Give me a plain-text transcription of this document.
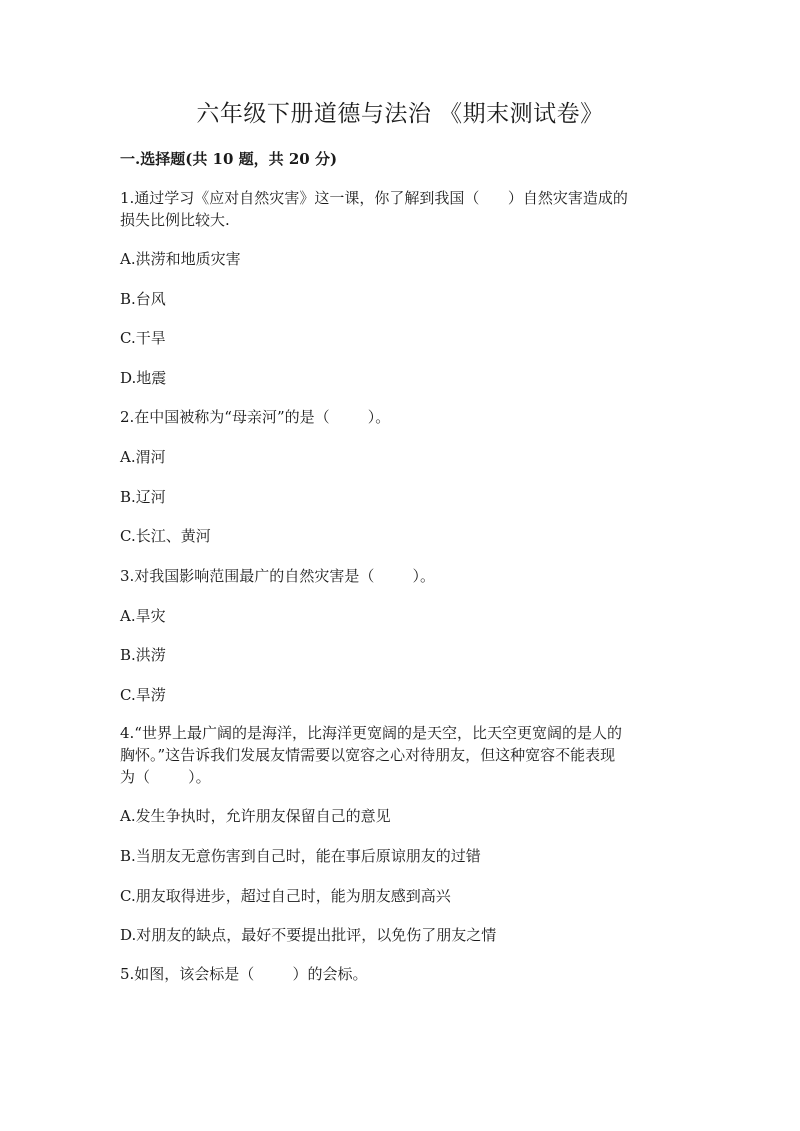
六年级下册道德与法治 《期末测试卷》
一.选择题(共 10 题，共 20 分)
1.通过学习《应对自然灾害》这一课，你了解到我国（      ）自然灾害造成的
损失比例比较大.
A.洪涝和地质灾害
B.台风
C.干旱
D.地震
2.在中国被称为“母亲河”的是（        ）。
A.渭河
B.辽河
C.长江、黄河
3.对我国影响范围最广的自然灾害是（        ）。
A.旱灾
B.洪涝
C.旱涝
4.“世界上最广阔的是海洋，比海洋更宽阔的是天空，比天空更宽阔的是人的
胸怀。”这告诉我们发展友情需要以宽容之心对待朋友，但这种宽容不能表现
为（        ）。
A.发生争执时，允许朋友保留自己的意见
B.当朋友无意伤害到自己时，能在事后原谅朋友的过错
C.朋友取得进步，超过自己时，能为朋友感到高兴
D.对朋友的缺点，最好不要提出批评，以免伤了朋友之情
5.如图，该会标是（        ）的会标。
